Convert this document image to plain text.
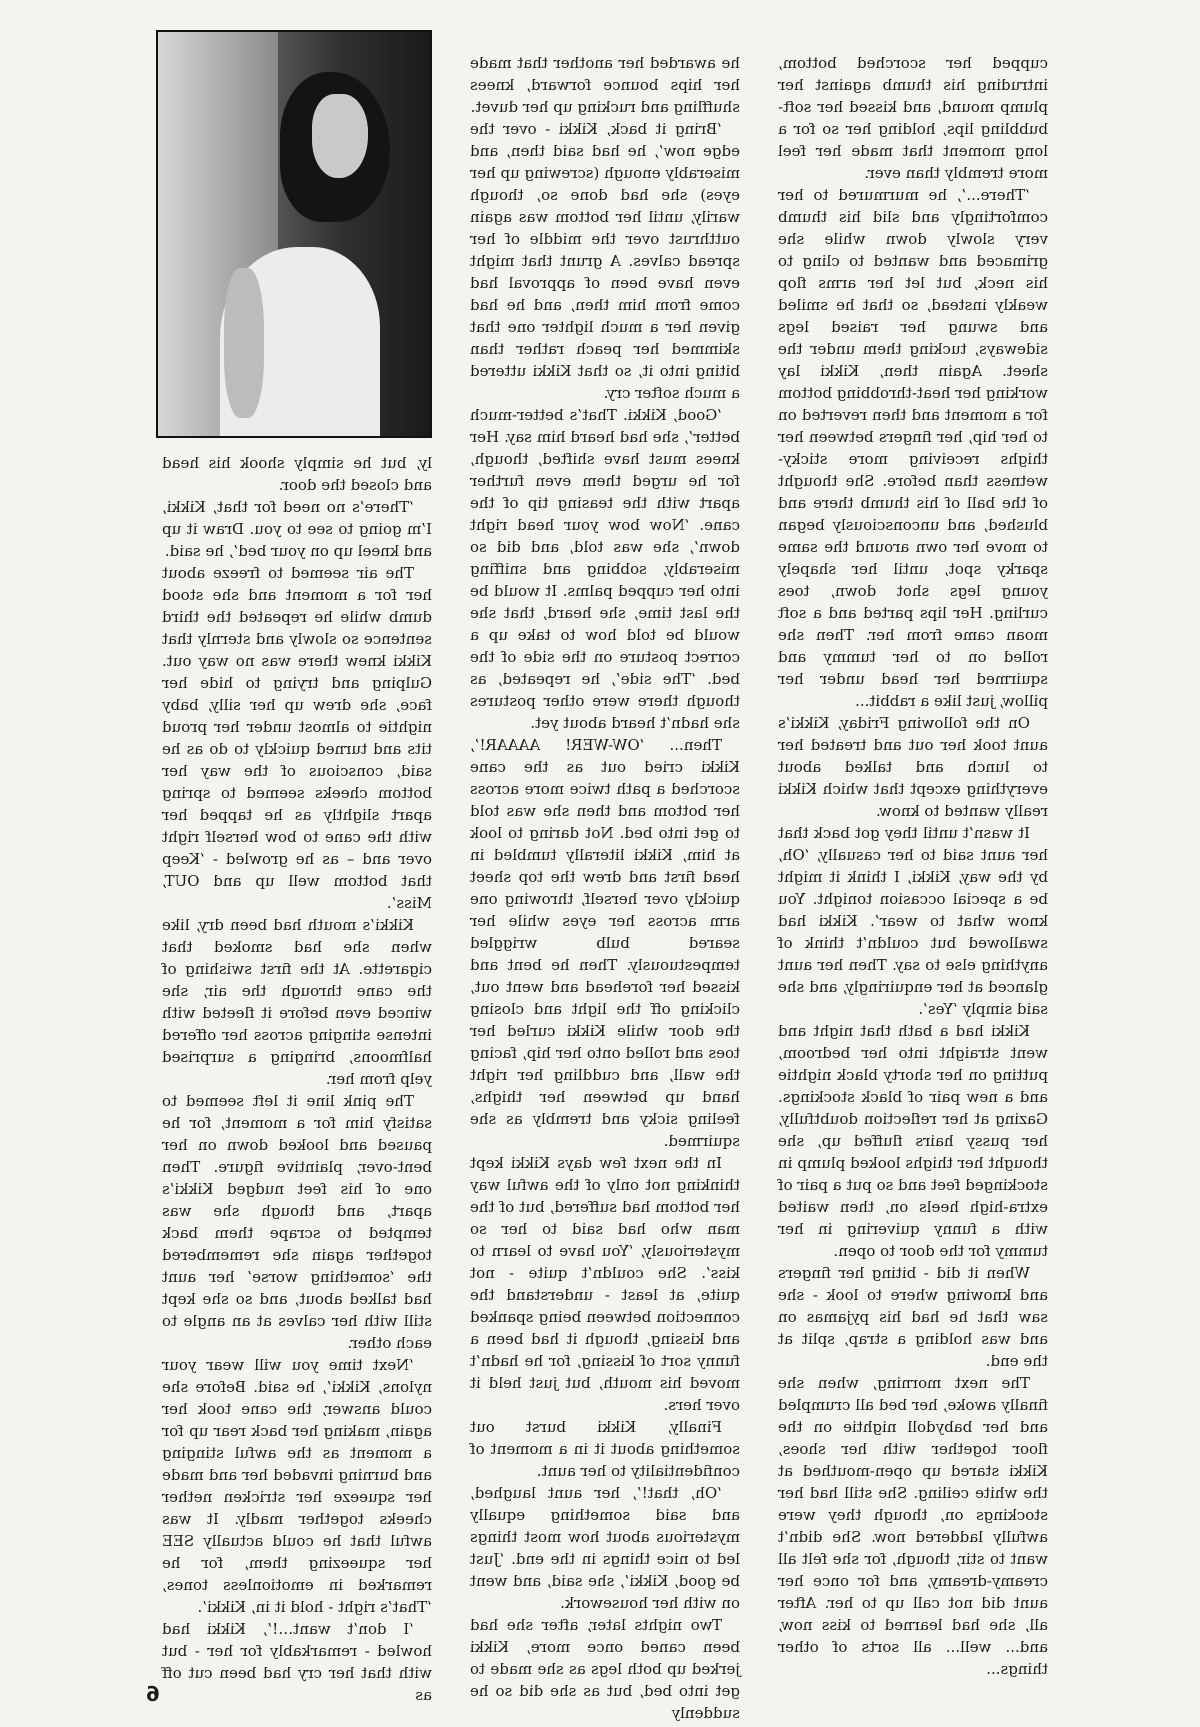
ly, but he simply shook his head and closed the door.

‘There’s no need for that, Kikki, I’m going to see to you. Draw it up and kneel up on your bed’, he said.

The air seemed to freeze about her for a moment and she stood dumb while he repeated the third sentence so slowly and sternly that Kikki knew there was no way out. Gulping and trying to hide her face, she drew up her silly, baby nightie to almost under her proud tits and turned quickly to do as he said, conscious of the way her bottom cheeks seemed to spring apart slightly as he tapped her with the cane to bow herself right over and – as he growled - ‘Keep that bottom well up and OUT, Miss’.

Kikki’s mouth had been dry, like when she had smoked that cigarette. At the first swishing of the cane through the air, she winced even before it fleeted with intense stinging across her offered halfmoons, bringing a surprised yelp from her.

The pink line it left seemed to satisfy him for a moment, for he paused and looked down on her bent-over, plaintive figure. Then one of his feet nudged Kikki’s apart, and though she was tempted to scrape them back together again she remembered the ‘something worse’ her aunt had talked about, and so she kept still with her calves at an angle to each other.

‘Next time you will wear your nylons, Kikki’, he said. Before she could answer, the cane took her again, making her back rear up for a moment as the awful stinging and burning invaded her and made her squeeze her stricken nether cheeks together madly. It was awful that he could actually SEE her squeezing them, for he remarked in emotionless tones, ‘That’s right - hold it in, Kikki’.

‘I don’t want…!’, Kikki had howled - remarkably for her - but with that her cry had been cut off as

he awarded her another that made her hips bounce forward, knees shuffling and rucking up her duvet.

‘Bring it back, Kikki - over the edge now’, he had said then, and miserably enough (screwing up her eyes) she had done so, though warily, until her bottom was again outthrust over the middle of her spread calves. A grunt that might even have been of approval had come from him then, and he had given her a much lighter one that skimmed her peach rather than biting into it, so that Kikki uttered a much softer cry.

‘Good, Kikki. That’s better-much better’, she had heard him say. Her knees must have shifted, though, for he urged them even further apart with the teasing tip of the cane. ‘Now bow your head right down’, she was told, and did so miserably, sobbing and sniffing into her cupped palms. It would be the last time, she heard, that she would be told how to take up a correct posture on the side of the bed. ‘The side’, he repeated, as though there were other postures she hadn’t heard about yet.

Then... ‘OW-WER! AAAAR!’, Kikki cried out as the cane scorched a path twice more across her bottom and then she was told to get into bed. Not daring to look at him, Kikki literally tumbled in head first and drew the top sheet quickly over herself, throwing one arm across her eyes while her seared bulb wriggled tempestuously. Then he bent and kissed her forehead and went out, clicking off the light and closing the door while Kikki curled her toes and rolled onto her hip, facing the wall, and cuddling her right hand up between her thighs, feeling sicky and trembly as she squirmed.

In the next few days Kikki kept thinking not only of the awful way her bottom had suffered, but of the man who had said to her so mysteriously, ‘You have to learn to kiss’. She couldn’t quite - not quite, at least - understand the connection between being spanked and kissing, though it had been a funny sort of kissing, for he hadn’t moved his mouth, but just held it over hers.

Finally, Kikki burst out something about it in a moment of confidentiality to her aunt.

‘Oh, that!’, her aunt laughed, and said something equally mysterious about how most things led to nice things in the end. ‘Just be good, Kikki’, she said, and went on with her housework.

Two nights later, after she had been caned once more, Kikki jerked up both legs as she made to get into bed, but as she did so he suddenly

cupped her scorched bottom, intruding his thumb against her plump mound, and kissed her soft-bubbling lips, holding her so for a long moment that made her feel more trembly than ever.

‘There...’, he murmured to her comfortingly and slid his thumb very slowly down while she grimaced and wanted to cling to his neck, but let her arms flop weakly instead, so that he smiled and swung her raised legs sideways, tucking them under the sheet. Again then, Kikki lay working her heat-throbbing bottom for a moment and then reverted on to her hip, her fingers between her thighs receiving more sticky-wetness than before. She thought of the ball of his thumb there and blushed, and unconsciously began to move her own around the same sparky spot, until her shapely young legs shot down, toes curling. Her lips parted and a soft moan came from her. Then she rolled on to her tummy and squirmed her head under her pillow, just like a rabbit...

On the following Friday, Kikki’s aunt took her out and treated her to lunch and talked about everything except that which Kikki really wanted to know.

It wasn’t until they got back that her aunt said to her casually, ‘Oh, by the way, Kikki, I think it might be a special occasion tonight. You know what to wear’. Kikki had swallowed but couldn’t think of anything else to say. Then her aunt glanced at her enquiringly, and she said simply ‘Yes’.

Kikki had a bath that night and went straight into her bedroom, putting on her shorty black nightie and a new pair of black stockings. Gazing at her reflection doubtfully, her pussy hairs fluffed up, she thought her thighs looked plump in stockinged feet and so put a pair of extra-high heels on, then waited with a funny quivering in her tummy for the door to open.

When it did - biting her fingers and knowing where to look - she saw that he had his pyjamas on and was holding a strap, split at the end.

The next morning, when she finally awoke, her bed all crumpled and her babydoll nightie on the floor together with her shoes, Kikki stared up open-mouthed at the white ceiling. She still had her stockings on, though they were awfully laddered now. She didn’t want to stir, though, for she felt all creamy-dreamy, and for once her aunt did not call up to her. After all, she had learned to kiss now, and... well... all sorts of other things...

6
